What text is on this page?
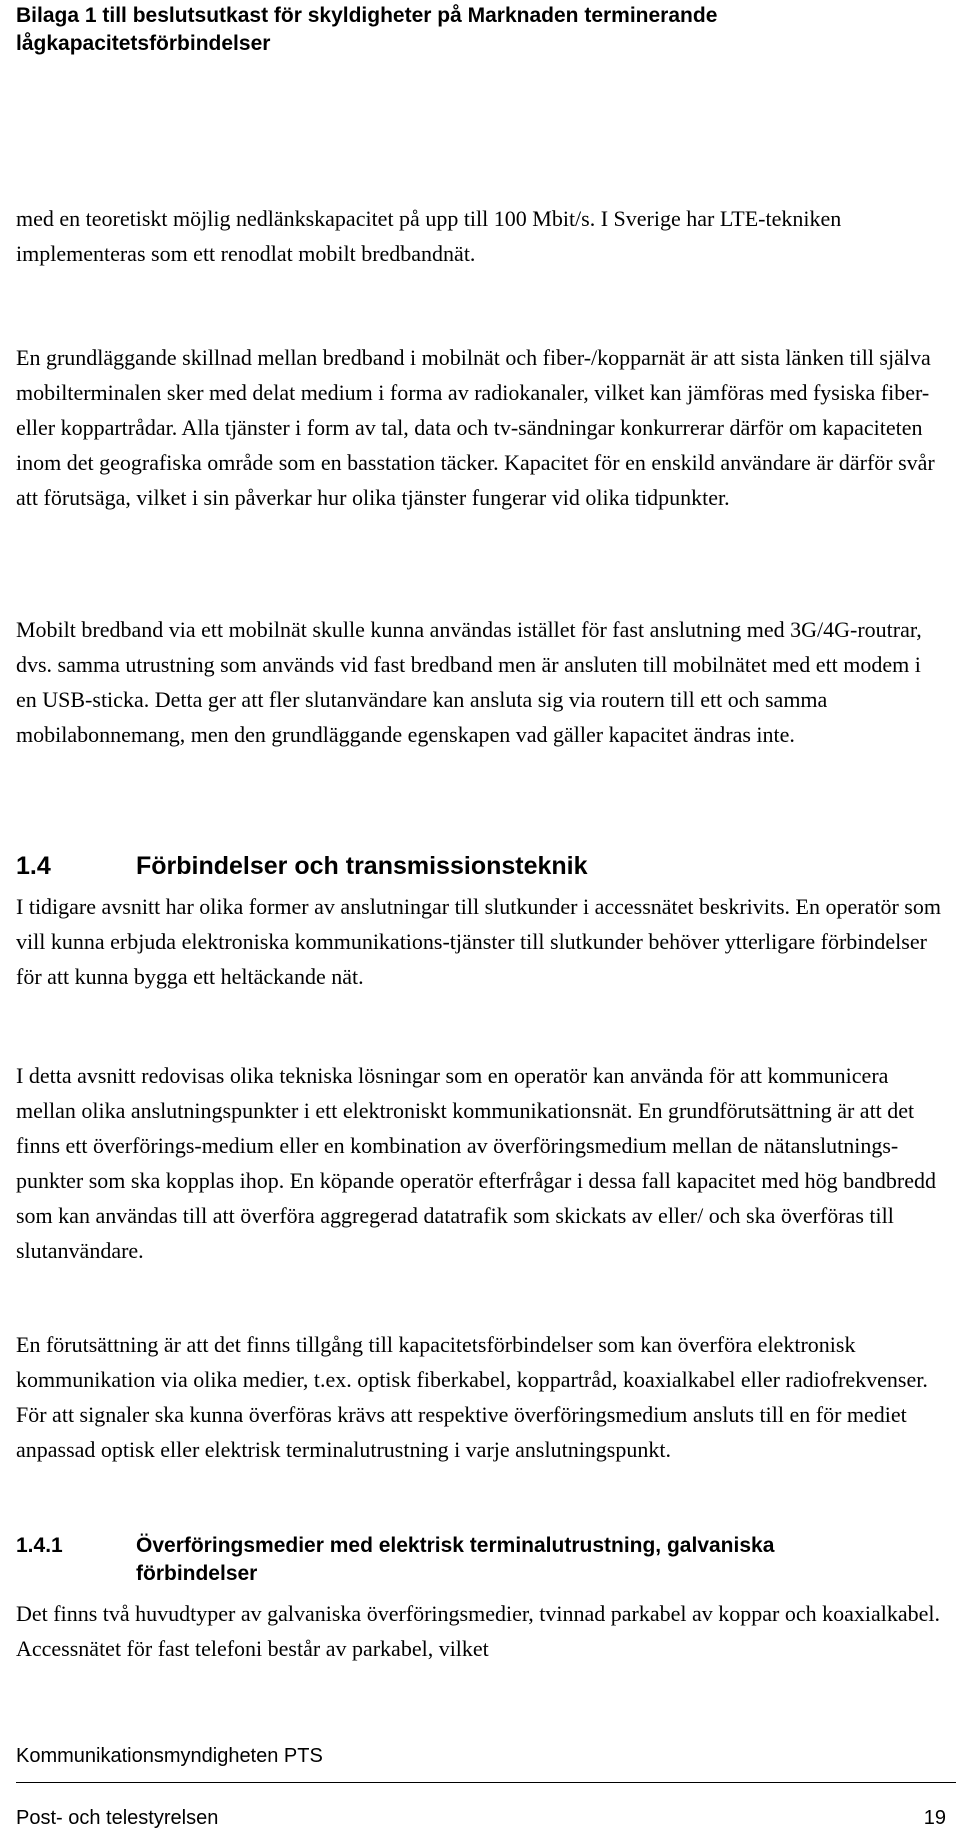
Bilaga 1 till beslutsutkast för skyldigheter på Marknaden terminerande lågkapacitetsförbindelser

med en teoretiskt möjlig nedlänkskapacitet på upp till 100 Mbit/s. I Sverige har LTE-tekniken implementeras som ett renodlat mobilt bredbandnät.

En grundläggande skillnad mellan bredband i mobilnät och fiber-/kopparnät är att sista länken till själva mobilterminalen sker med delat medium i forma av radiokanaler, vilket kan jämföras med fysiska fiber- eller koppartrådar. Alla tjänster i form av tal, data och tv-sändningar konkurrerar därför om kapaciteten inom det geografiska område som en basstation täcker. Kapacitet för en enskild användare är därför svår att förutsäga, vilket i sin påverkar hur olika tjänster fungerar vid olika tidpunkter.

Mobilt bredband via ett mobilnät skulle kunna användas istället för fast anslutning med 3G/4G-routrar, dvs. samma utrustning som används vid fast bredband men är ansluten till mobilnätet med ett modem i en USB-sticka. Detta ger att fler slutanvändare kan ansluta sig via routern till ett och samma mobilabonnemang, men den grundläggande egenskapen vad gäller kapacitet ändras inte.

1.4	Förbindelser och transmissionsteknik

I tidigare avsnitt har olika former av anslutningar till slutkunder i accessnätet beskrivits. En operatör som vill kunna erbjuda elektroniska kommunikations-tjänster till slutkunder behöver ytterligare förbindelser för att kunna bygga ett heltäckande nät.

I detta avsnitt redovisas olika tekniska lösningar som en operatör kan använda för att kommunicera mellan olika anslutningspunkter i ett elektroniskt kommunikationsnät. En grundförutsättning är att det finns ett överförings-medium eller en kombination av överföringsmedium mellan de nätanslutnings-punkter som ska kopplas ihop. En köpande operatör efterfrågar i dessa fall kapacitet med hög bandbredd som kan användas till att överföra aggregerad datatrafik som skickats av eller/ och ska överföras till slutanvändare.

En förutsättning är att det finns tillgång till kapacitetsförbindelser som kan överföra elektronisk kommunikation via olika medier, t.ex. optisk fiberkabel, koppartråd, koaxialkabel eller radiofrekvenser. För att signaler ska kunna överföras krävs att respektive överföringsmedium ansluts till en för mediet anpassad optisk eller elektrisk terminalutrustning i varje anslutningspunkt.

1.4.1	Överföringsmedier med elektrisk terminalutrustning, galvaniska förbindelser

Det finns två huvudtyper av galvaniska överföringsmedier, tvinnad parkabel av koppar och koaxialkabel. Accessnätet för fast telefoni består av parkabel, vilket

Kommunikationsmyndigheten PTS
Post- och telestyrelsen	19
